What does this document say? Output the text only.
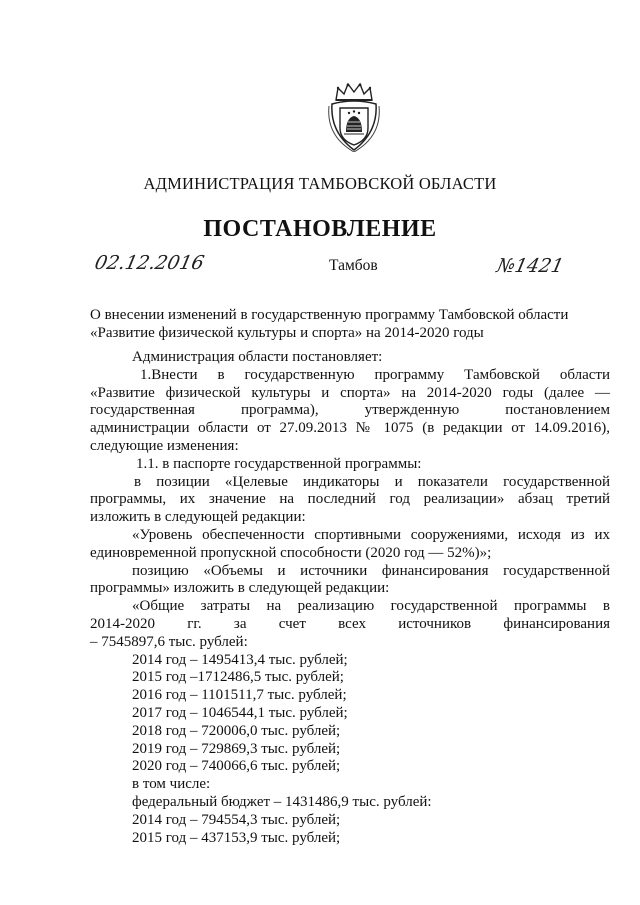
АДМИНИСТРАЦИЯ ТАМБОВСКОЙ ОБЛАСТИ
ПОСТАНОВЛЕНИЕ
02.12.2016	Тамбов	№1421
О внесении изменений в государственную программу Тамбовской области
«Развитие физической культуры и спорта» на 2014-2020 годы
Администрация области постановляет:
1.Внести в государственную программу Тамбовской области
«Развитие физической культуры и спорта» на 2014-2020 годы (далее —
государственная программа), утвержденную постановлением
администрации области от 27.09.2013 № 1075 (в редакции от 14.09.2016),
следующие изменения:
1.1. в паспорте государственной программы:
в позиции «Целевые индикаторы и показатели государственной
программы, их значение на последний год реализации» абзац третий
изложить в следующей редакции:
«Уровень обеспеченности спортивными сооружениями, исходя из их
единовременной пропускной способности (2020 год — 52%)»;
позицию «Объемы и источники финансирования государственной
программы» изложить в следующей редакции:
«Общие затраты на реализацию государственной программы в
2014-2020 гг. за счет всех источников финансирования
– 7545897,6 тыс. рублей:
2014 год – 1495413,4 тыс. рублей;
2015 год –1712486,5 тыс. рублей;
2016 год – 1101511,7 тыс. рублей;
2017 год – 1046544,1 тыс. рублей;
2018 год – 720006,0 тыс. рублей;
2019 год – 729869,3 тыс. рублей;
2020 год – 740066,6 тыс. рублей;
в том числе:
федеральный бюджет – 1431486,9 тыс. рублей:
2014 год – 794554,3 тыс. рублей;
2015 год – 437153,9 тыс. рублей;
